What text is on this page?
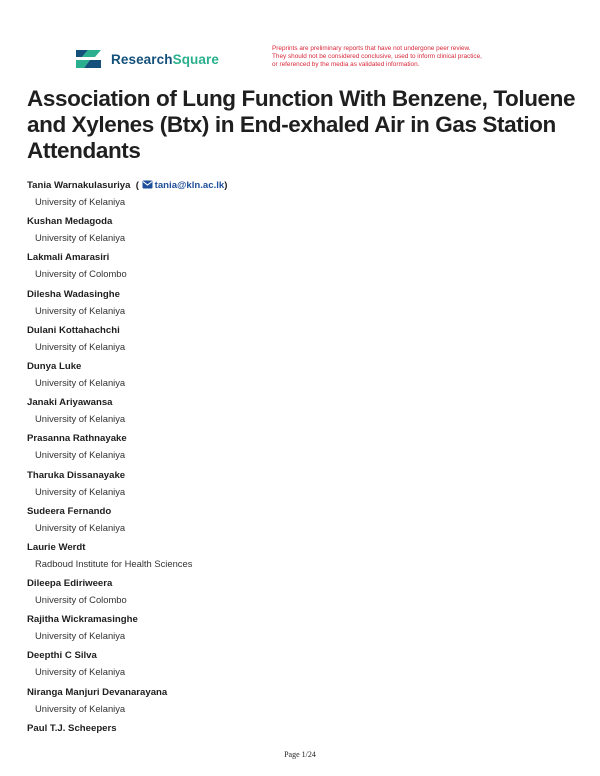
ResearchSquare
Preprints are preliminary reports that have not undergone peer review.
They should not be considered conclusive, used to inform clinical practice,
or referenced by the media as validated information.
Association of Lung Function With Benzene, Toluene and Xylenes (Btx) in End-exhaled Air in Gas Station Attendants
Tania Warnakulasuriya ( tania@kln.ac.lk)
University of Kelaniya
Kushan Medagoda
University of Kelaniya
Lakmali Amarasiri
University of Colombo
Dilesha Wadasinghe
University of Kelaniya
Dulani Kottahachchi
University of Kelaniya
Dunya Luke
University of Kelaniya
Janaki Ariyawansa
University of Kelaniya
Prasanna Rathnayake
University of Kelaniya
Tharuka Dissanayake
University of Kelaniya
Sudeera Fernando
University of Kelaniya
Laurie Werdt
Radboud Institute for Health Sciences
Dileepa Ediriweera
University of Colombo
Rajitha Wickramasinghe
University of Kelaniya
Deepthi C Silva
University of Kelaniya
Niranga Manjuri Devanarayana
University of Kelaniya
Paul T.J. Scheepers
Page 1/24
